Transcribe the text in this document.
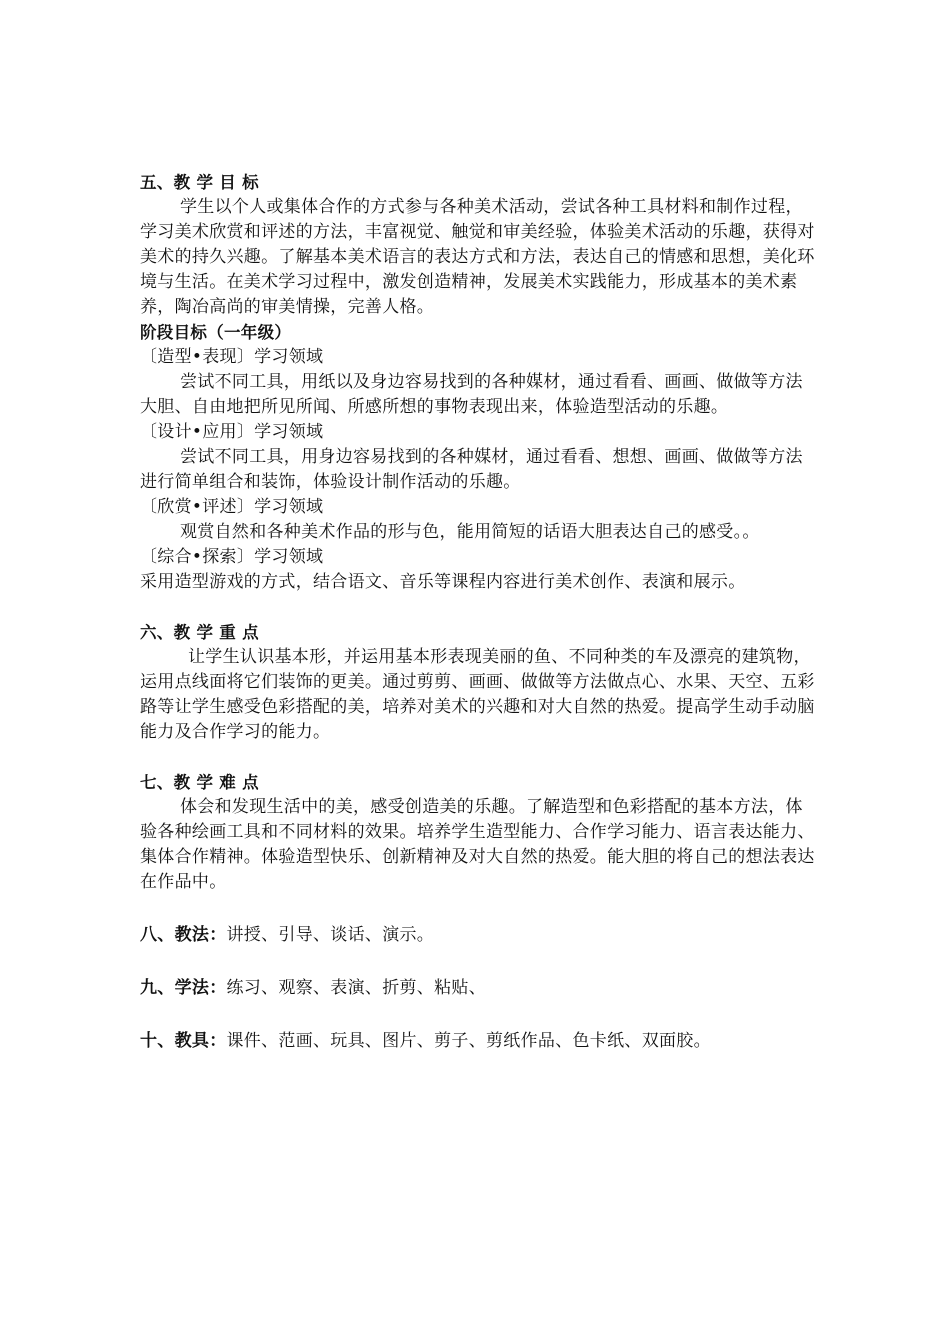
五、教 学 目 标

学生以个人或集体合作的方式参与各种美术活动，尝试各种工具材料和制作过程，学习美术欣赏和评述的方法，丰富视觉、触觉和审美经验，体验美术活动的乐趣，获得对美术的持久兴趣。了解基本美术语言的表达方式和方法，表达自己的情感和思想，美化环境与生活。在美术学习过程中，激发创造精神，发展美术实践能力，形成基本的美术素养，陶冶高尚的审美情操，完善人格。

阶段目标（一年级）

〔造型•表现〕学习领域

尝试不同工具，用纸以及身边容易找到的各种媒材，通过看看、画画、做做等方法大胆、自由地把所见所闻、所感所想的事物表现出来，体验造型活动的乐趣。

〔设计•应用〕学习领域

尝试不同工具，用身边容易找到的各种媒材，通过看看、想想、画画、做做等方法进行简单组合和装饰，体验设计制作活动的乐趣。

〔欣赏•评述〕学习领域

观赏自然和各种美术作品的形与色，能用简短的话语大胆表达自己的感受。。

〔综合•探索〕学习领域

采用造型游戏的方式，结合语文、音乐等课程内容进行美术创作、表演和展示。

六、教 学 重 点

让学生认识基本形，并运用基本形表现美丽的鱼、不同种类的车及漂亮的建筑物，运用点线面将它们装饰的更美。通过剪剪、画画、做做等方法做点心、水果、天空、五彩路等让学生感受色彩搭配的美，培养对美术的兴趣和对大自然的热爱。提高学生动手动脑能力及合作学习的能力。

七、教 学 难 点

体会和发现生活中的美，感受创造美的乐趣。了解造型和色彩搭配的基本方法，体验各种绘画工具和不同材料的效果。培养学生造型能力、合作学习能力、语言表达能力、集体合作精神。体验造型快乐、创新精神及对大自然的热爱。能大胆的将自己的想法表达在作品中。

八、教法：讲授、引导、谈话、演示。

九、学法：练习、观察、表演、折剪、粘贴、

十、教具：课件、范画、玩具、图片、剪子、剪纸作品、色卡纸、双面胶。
